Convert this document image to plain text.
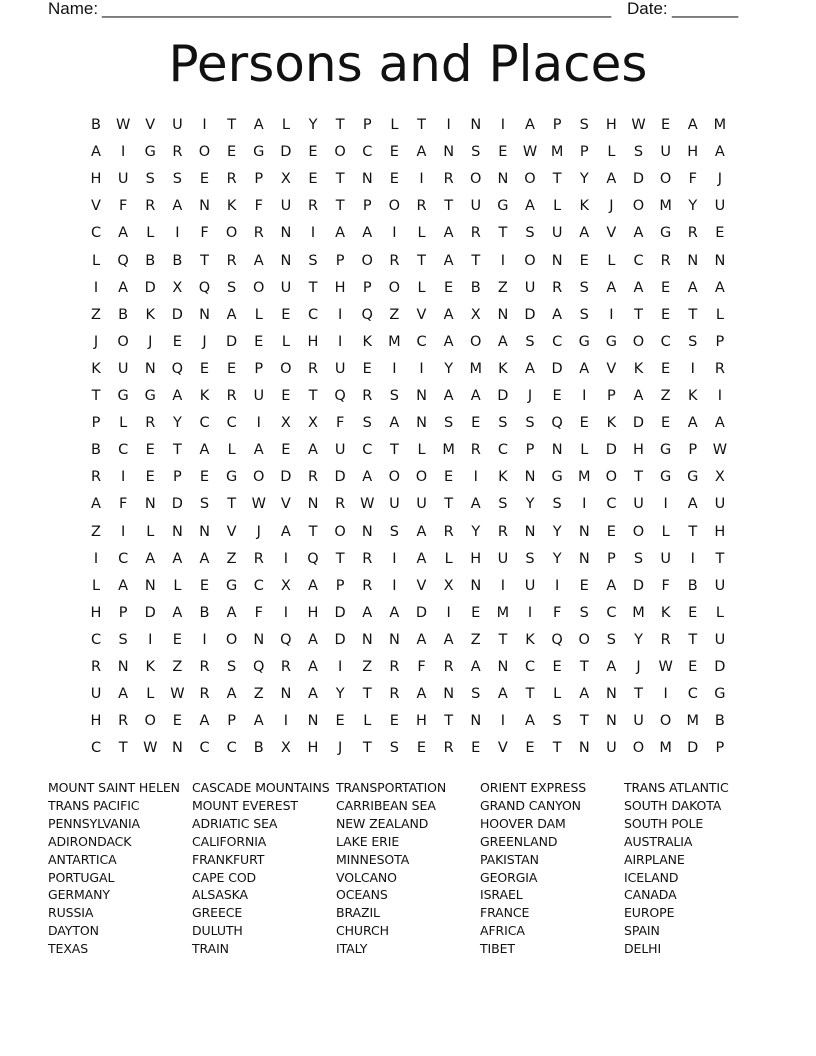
Name: _______________________________________________________ Date: _______
Persons and Places
B	W	V	U	I	T	A	L	Y	T	P	L	T	I	N	I	A	P	S	H	W	E	A	M
A	I	G	R	O	E	G	D	E	O	C	E	A	N	S	E	W M	P	L	S	U	H	A
H	U	S	S	E	R	P	X	E	T	N	E	I	R	O	N	O	T	Y	A	D	O	F	J
V	F	R	A	N	K	F	U	R	T	P	O	R	T	U	G	A	L	K	J	O M	Y	U
C	A	L	I	F	O	R	N	I	A	A	I	L	A	R	T	S	U	A	V	A	G	R	E
L	Q	B	B	T	R	A	N	S	P	O	R	T	A	T	I	O	N	E	L	C	R	N	N
I	A	D	X	Q	S	O	U	T	H	P	O	L	E	B	Z	U	R	S	A	A	E	A	A
Z	B	K	D	N	A	L	E	C	I	Q	Z	V	A	X	N	D	A	S	I	T	E	T	L
J	O	J	E	J	D	E	L	H	I	K	M	C	A	O	A	S	C	G	G	O	C	S	P
K	U	N	Q	E	E	P	O	R	U	E	I	I	Y	M	K	A	D	A	V	K	E	I	R
T	G	G	A	K	R	U	E	T	Q	R	S	N	A	A	D	J	E	I	P	A	Z	K	I
P	L	R	Y	C	C	I	X	X	F	S	A	N	S	E	S	S	Q	E	K	D	E	A	A
B	C	E	T	A	L	A	E	A	U	C	T	L	M	R	C	P	N	L	D	H	G	P	W
R	I	E	P	E	G	O	D	R	D	A	O O	E	I	K	N	G	M O	T	G	G	X
A	F	N	D	S	T	W	V	N	R	W	U	U	T	A	S	Y	S	I	C	U	I	A	U
Z	I	L	N	N	V	J	A	T	O	N	S	A	R	Y	R	N	Y	N	E	O	L	T	H
I	C	A	A	A	Z	R	I	Q	T	R	I	A	L	H	U	S	Y	N	P	S	U	I	T
L	A	N	L	E	G	C	X	A	P	R	I	V	X	N	I	U	I	E	A	D	F	B	U
H	P	D	A	B	A	F	I	H	D	A	A	D	I	E	M	I	F	S	C	M	K	E	L
C	S	I	E	I	O	N	Q	A	D	N	N	A	A	Z	T	K	Q O	S	Y	R	T	U
R	N	K	Z	R	S	Q	R	A	I	Z	R	F	R	A	N	C	E	T	A	J	W	E	D
U	A	L	W	R	A	Z	N	A	Y	T	R	A	N	S	A	T	L	A	N	T	I	C	G
H	R	O	E	A	P	A	I	N	E	L	E	H	T	N	I	A	S	T	N	U	O M	B
C	T	W	N	C	C	B	X	H	J	T	S	E	R	E	V	E	T	N	U	O M	D	P
MOUNT SAINT HELEN
TRANS PACIFIC
PENNSYLVANIA
ADIRONDACK
ANTARTICA
PORTUGAL
GERMANY
RUSSIA
DAYTON
TEXAS
CASCADE MOUNTAINS
MOUNT EVEREST
ADRIATIC SEA
CALIFORNIA
FRANKFURT
CAPE COD
ALSASKA
GREECE
DULUTH
TRAIN
TRANSPORTATION
CARRIBEAN SEA
NEW ZEALAND
LAKE ERIE
MINNESOTA
VOLCANO
OCEANS
BRAZIL
CHURCH
ITALY
ORIENT EXPRESS
GRAND CANYON
HOOVER DAM
GREENLAND
PAKISTAN
GEORGIA
ISRAEL
FRANCE
AFRICA
TIBET
TRANS ATLANTIC
SOUTH DAKOTA
SOUTH POLE
AUSTRALIA
AIRPLANE
ICELAND
CANADA
EUROPE
SPAIN
DELHI
